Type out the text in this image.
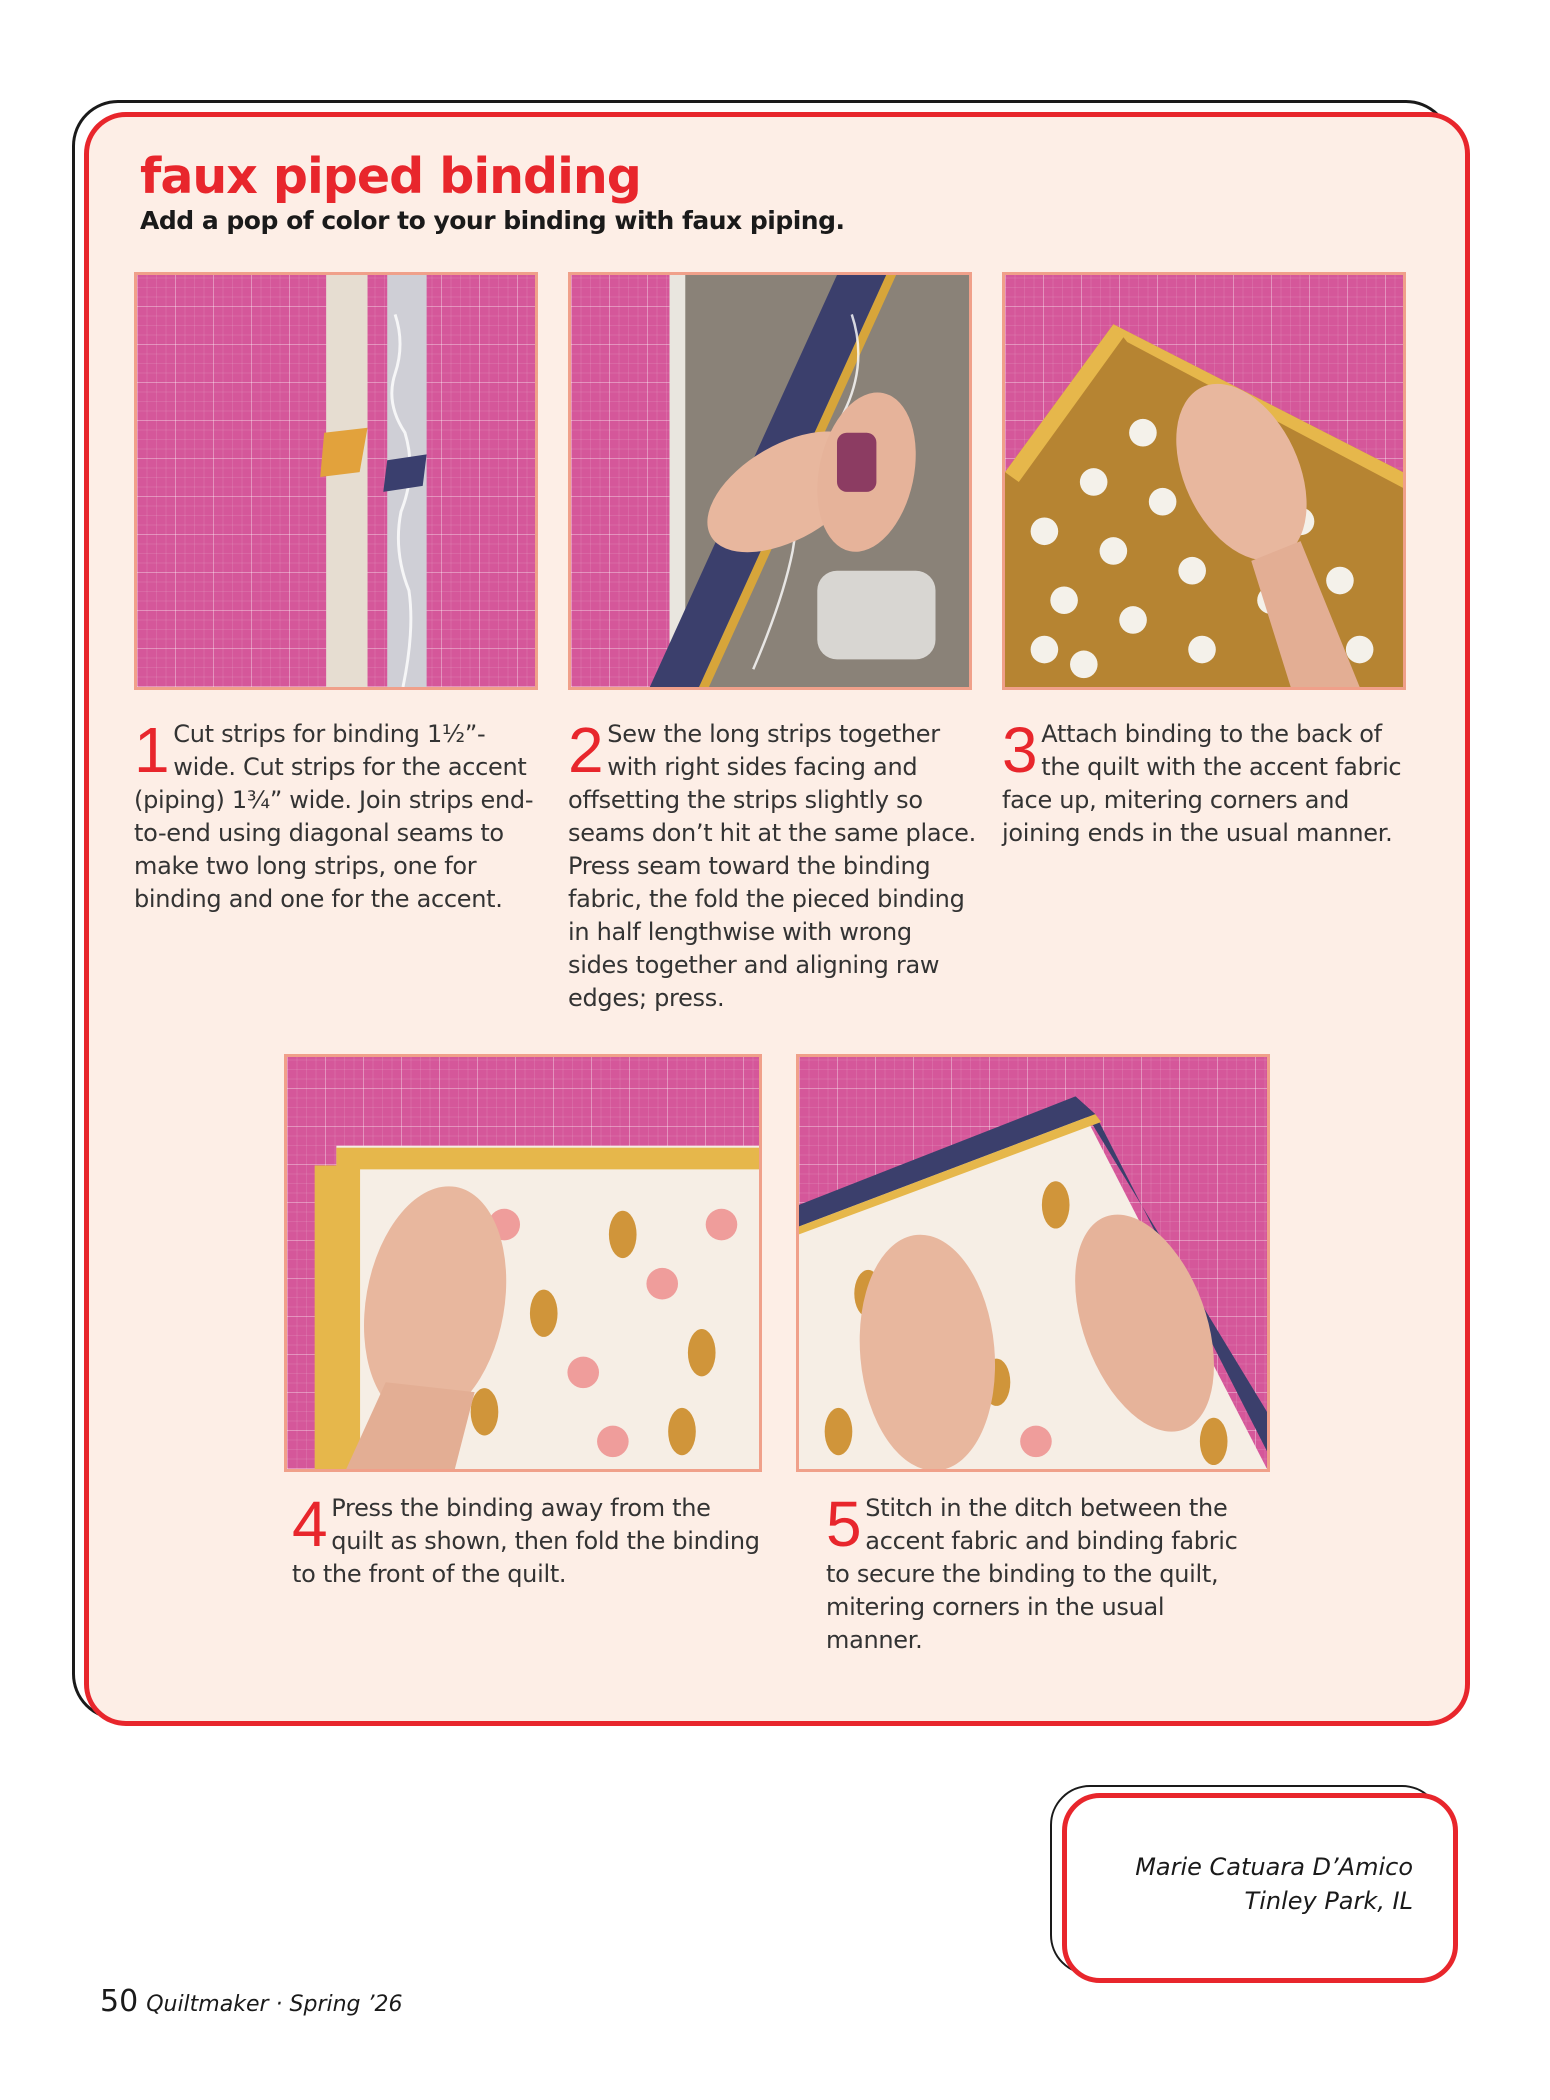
faux piped binding

Add a pop of color to your binding with faux piping.

1 Cut strips for binding 1½”-wide. Cut strips for the accent (piping) 1¾” wide. Join strips end-to-end using diagonal seams to make two long strips, one for binding and one for the accent.

2 Sew the long strips together with right sides facing and offsetting the strips slightly so seams don’t hit at the same place. Press seam toward the binding fabric, the fold the pieced binding in half lengthwise with wrong sides together and aligning raw edges; press.

3 Attach binding to the back of the quilt with the accent fabric face up, mitering corners and joining ends in the usual manner.

4 Press the binding away from the quilt as shown, then fold the binding to the front of the quilt.

5 Stitch in the ditch between the accent fabric and binding fabric to secure the binding to the quilt, mitering corners in the usual manner.

Marie Catuara D’Amico
Tinley Park, IL

50 Quiltmaker · Spring ’26
